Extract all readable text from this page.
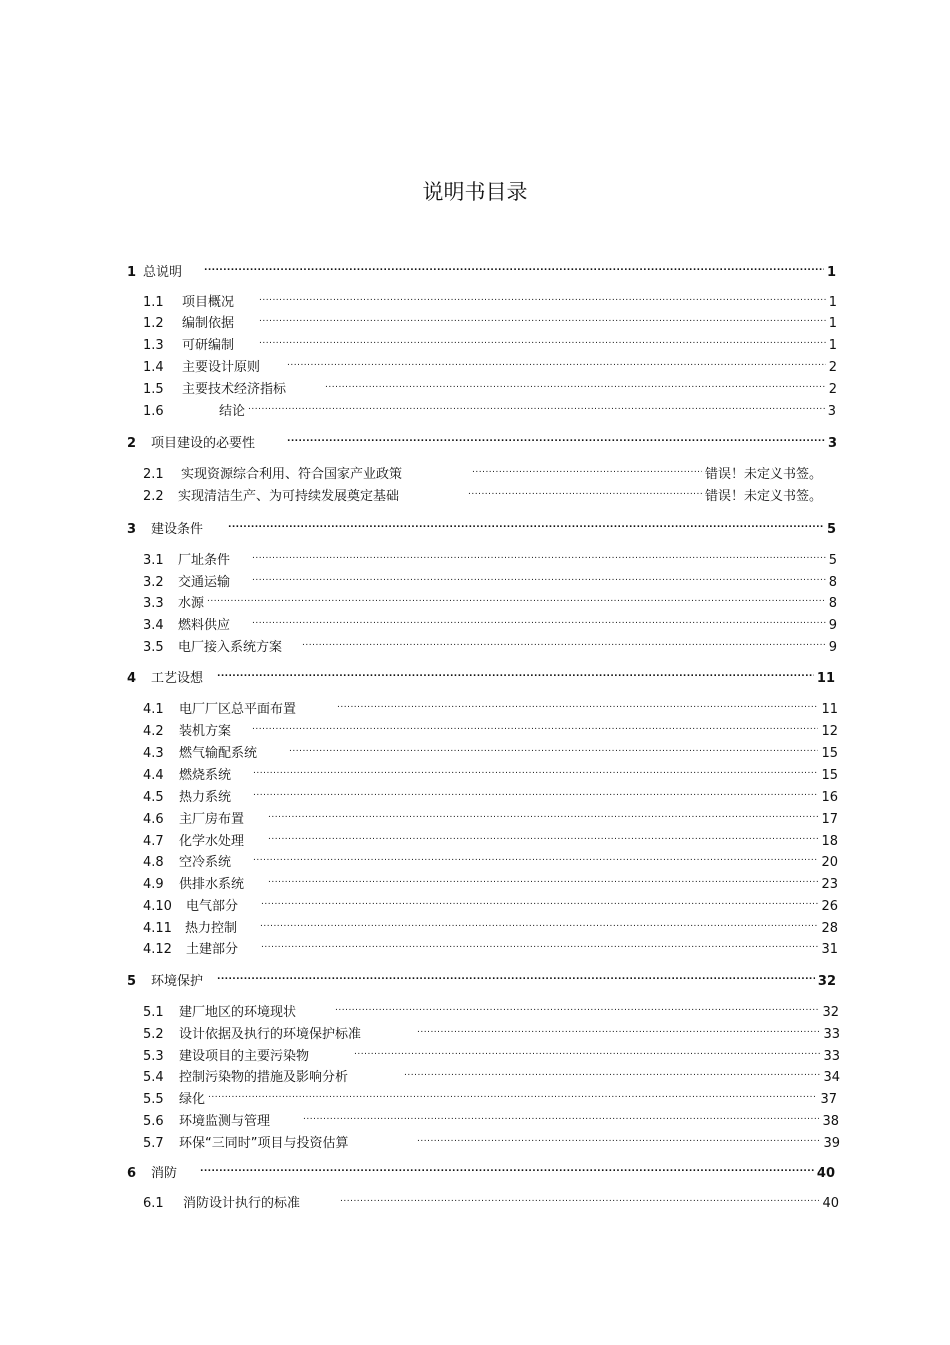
说明书目录
1 总说明 .....	1
1.1	项目概况 .....	1
1.2	编制依据 .....	1
1.3	可研编制 .....	1
1.4	主要设计原则 .....	2
1.5	主要技术经济指标 .....	2
1.6	结论 .....	3
2	项目建设的必要性 .....	3
2.1	实现资源综合利用、符合国家产业政策 .....	错误！未定义书签。
2.2	实现清洁生产、为可持续发展奠定基础 .....	错误！未定义书签。
3	建设条件 .....	5
3.1	厂址条件 .....	5
3.2	交通运输 .....	8
3.3	水源 .....	8
3.4	燃料供应 .....	9
3.5	电厂接入系统方案 .....	9
4	工艺设想 .....	11
4.1	电厂厂区总平面布置 .....	11
4.2	装机方案 .....	12
4.3	燃气输配系统 .....	15
4.4	燃烧系统 .....	15
4.5	热力系统 .....	16
4.6	主厂房布置 .....	17
4.7	化学水处理 .....	18
4.8	空冷系统 .....	20
4.9	供排水系统 .....	23
4.10	电气部分 .....	26
4.11	热力控制 .....	28
4.12	土建部分 .....	31
5	环境保护 .....	32
5.1	建厂地区的环境现状 .....	32
5.2	设计依据及执行的环境保护标准 .....	33
5.3	建设项目的主要污染物 .....	33
5.4	控制污染物的措施及影响分析 .....	34
5.5	绿化 .....	37
5.6	环境监测与管理 .....	38
5.7	环保“三同时”项目与投资估算 .....	39
6	消防 .....	40
6.1	消防设计执行的标准 .....	40
